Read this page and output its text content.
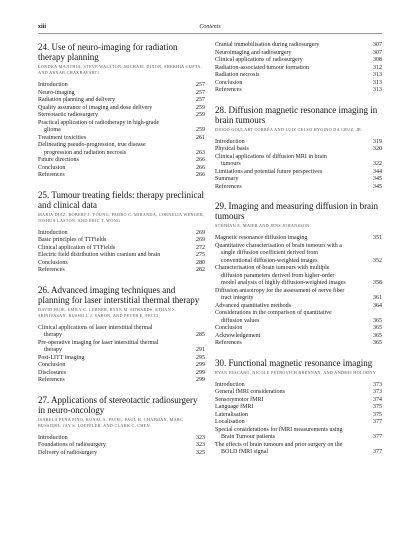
xiii	Contents
24. Use of neuro-imaging for radiation therapy planning
LONDKA MAJITHIA, STEVE WALSTON, MICHAEL DIXON, SHEKHIA GUPTA, AND ARNAB CHAKRAVARTI
Introduction	257
Neuro-imaging	257
Radiation planning and delivery	257
Quality assurance of imaging and dose delivery	259
Stereotactic radiosurgery	259
Practical application of radiotherapy in high-grade
glioma	259
Treatment toxicities	261
Delineating pseudo-progression, true disease
progression and radiation necrosis	263
Future directions	266
Conclusion	266
References	266
25. Tumour treating fields: therapy preclinical and clinical data
MARIA DIAZ, ROBERT J. YOUNG, PEDRO C. MIRANDA, CORNELIA WENGER, JOSHUA LASTON, AND ERIC T. WONG
Introduction	269
Basic principles of TTFields	269
Clinical application of TTFields	272
Electric field distribution within cranium and brain	275
Conclusions	280
References	282
26. Advanced imaging techniques and planning for laser interstitial thermal therapy
DAVID HUIE, EMILY C. LERNER, RYAN M. EDWARDS, ETHAN S. SRINIVASAN, RUSSELL J. VARON, AND PETER E. FECCI
Clinical applications of laser interstitial thermal
therapy	285
Pre-operative imaging for laser interstitial thermal
therapy	291
Post-LITT imaging	295
Conclusion	299
Disclosures	299
References	299
27. Applications of stereotactic radiosurgery in neuro-oncology
ISABELA PENA PINO, KUNAL S. PATEL, PAUL H. CHAPMAN, MARC BUSSIERE, JAY S. LOEFFLER, AND CLARK C. CHEN
Introduction	323
Foundations of radiosurgery	323
Delivery of radiosurgery	325
Cranial immobilisation during radiosurgery	307
Neuroimaging and radiosurgery	307
Clinical applications of radiosurgery	308
Radiation-associated tumour formation	312
Radiation necrosis	313
Conclusion	313
References	313
28. Diffusion magnetic resonance imaging in brain tumours
DIOGO GOULART CORRÊA AND LUIZ CELSO HYGINO DA CRUZ, JR.
Introduction	319
Physical basis	320
Clinical applications of diffusion MRI in brain
tumours	322
Limitations and potential future perspectives	344
Summary	345
References	345
29. Imaging and measuring diffusion in brain tumours
STEPHAN E. MAIER AND JENS JOHANSSON
Magnetic resonance diffusion imaging	351
Quantitative characterisation of brain tumours with a
single diffusion coefficient derived from
conventional diffusion-weighted images	352
Characterisation of brain tumours with multiple
diffusion parameters derived from higher-order
model analysis of highly diffusion-weighted images	358
Diffusion anisotropy for the assessment of nerve fiber
tract integrity	361
Advanced quantitative methods	364
Considerations in the comparison of quantitative
diffusion values	365
Conclusion	365
Acknowledgement	365
References	365
30. Functional magnetic resonance imaging
RYAN PESCARO, NICOLE PETROVICH BRENNAN, AND ANDREI HOLODNY
Introduction	373
General fMRI considerations	373
Sensorymotor fMRI	374
Language fMRI	375
Lateralisation	375
Localisation	377
Special considerations for fMRI measurements using
Brain Tumour patients	377
The effects of brain tumours and prior surgery on the
BOLD fMRI signal	377
